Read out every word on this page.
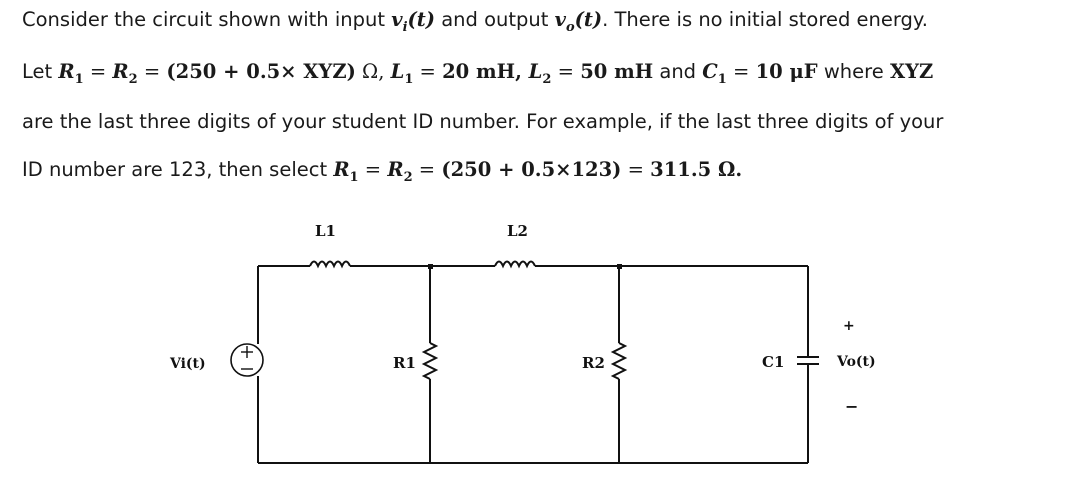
Consider the circuit shown with input $v_i(t)$ and output $v_o(t)$. There is no initial stored energy.
Let $R_1 = R_2 = (250 + 0.5\times XYZ)$ Ω, $L_1 = 20$ mH, $L_2 = 50$ mH and $C_1 = 10$ μF where XYZ
are the last three digits of your student ID number. For example, if the last three digits of your
ID number are 123, then select $R_1 = R_2 = (250 + 0.5\times 123) = 311.5$ Ω.
L1	L2
R1	R2	C1
Vi(t)	Vo(t)
+
−
